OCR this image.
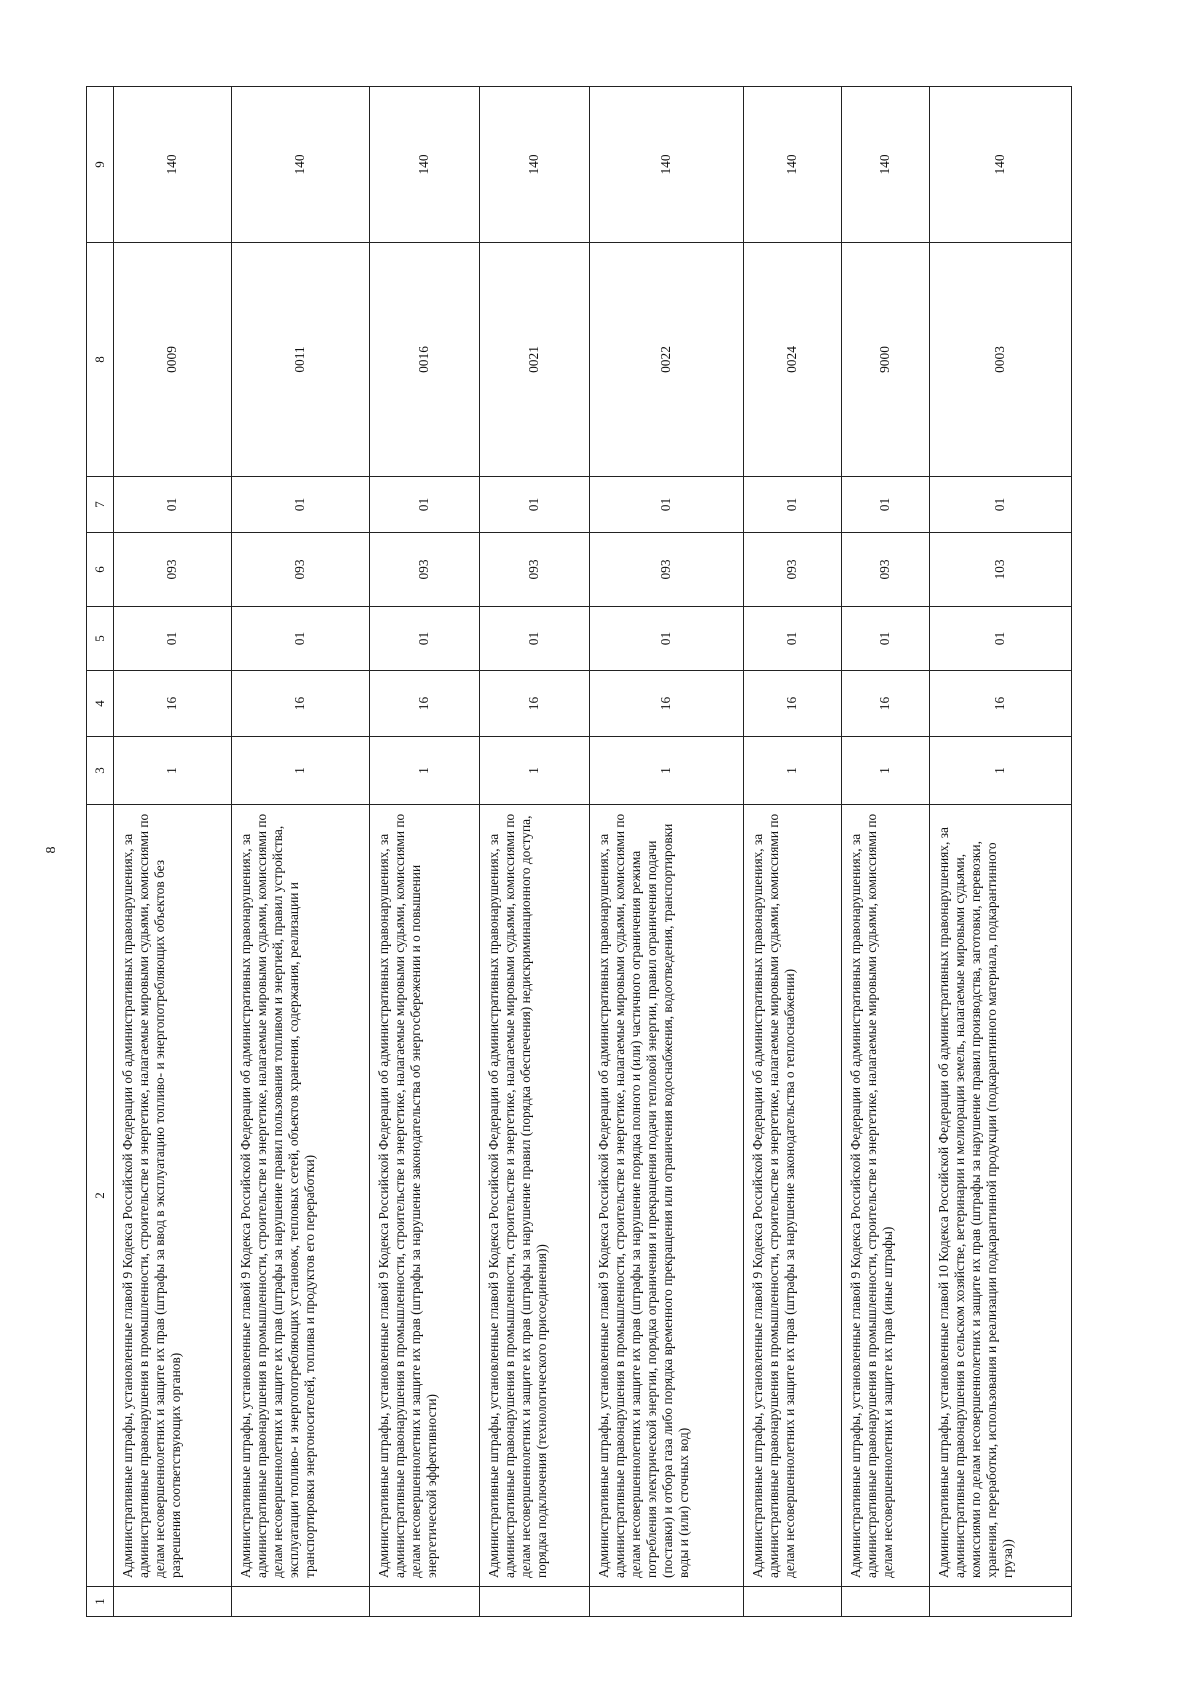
8
1	2	3	4	5	6	7	8	9
	Административные штрафы, установленные главой 9 Кодекса Российской Федерации об административных правонарушениях, за административные правонарушения в промышленности, строительстве и энергетике, налагаемые мировыми судьями, комиссиями по делам несовершеннолетних и защите их прав (штрафы за ввод в эксплуатацию топливо- и энергопотребляющих объектов без разрешения соответствующих органов)	1	16	01	093	01	0009	140
	Административные штрафы, установленные главой 9 Кодекса Российской Федерации об административных правонарушениях, за административные правонарушения в промышленности, строительстве и энергетике, налагаемые мировыми судьями, комиссиями по делам несовершеннолетних и защите их прав (штрафы за нарушение правил пользования топливом и энергией, правил устройства, эксплуатации топливо- и энергопотребляющих установок, тепловых сетей, объектов хранения, содержания, реализации и транспортировки энергоносителей, топлива и продуктов его переработки)	1	16	01	093	01	0011	140
	Административные штрафы, установленные главой 9 Кодекса Российской Федерации об административных правонарушениях, за административные правонарушения в промышленности, строительстве и энергетике, налагаемые мировыми судьями, комиссиями по делам несовершеннолетних и защите их прав (штрафы за нарушение законодательства об энергосбережении и о повышении энергетической эффективности)	1	16	01	093	01	0016	140
	Административные штрафы, установленные главой 9 Кодекса Российской Федерации об административных правонарушениях, за административные правонарушения в промышленности, строительстве и энергетике, налагаемые мировыми судьями, комиссиями по делам несовершеннолетних и защите их прав (штрафы за нарушение правил (порядка обеспечения) недискриминационного доступа, порядка подключения (технологического присоединения))	1	16	01	093	01	0021	140
	Административные штрафы, установленные главой 9 Кодекса Российской Федерации об административных правонарушениях, за административные правонарушения в промышленности, строительстве и энергетике, налагаемые мировыми судьями, комиссиями по делам несовершеннолетних и защите их прав (штрафы за нарушение порядка полного и (или) частичного ограничения режима потребления электрической энергии, порядка ограничения и прекращения подачи тепловой энергии, правил ограничения подачи (поставки) и отбора газа либо порядка временного прекращения или ограничения водоснабжения, водоотведения, транспортировки воды и (или) сточных вод)	1	16	01	093	01	0022	140
	Административные штрафы, установленные главой 9 Кодекса Российской Федерации об административных правонарушениях, за административные правонарушения в промышленности, строительстве и энергетике, налагаемые мировыми судьями, комиссиями по делам несовершеннолетних и защите их прав (штрафы за нарушение законодательства о теплоснабжении)	1	16	01	093	01	0024	140
	Административные штрафы, установленные главой 9 Кодекса Российской Федерации об административных правонарушениях, за административные правонарушения в промышленности, строительстве и энергетике, налагаемые мировыми судьями, комиссиями по делам несовершеннолетних и защите их прав (иные штрафы)	1	16	01	093	01	9000	140
	Административные штрафы, установленные главой 10 Кодекса Российской Федерации об административных правонарушениях, за административные правонарушения в сельском хозяйстве, ветеринарии и мелиорации земель, налагаемые мировыми судьями, комиссиями по делам несовершеннолетних и защите их прав (штрафы за нарушение правил производства, заготовки, перевозки, хранения, переработки, использования и реализации подкарантинной продукции (подкарантинного материала, подкарантинного груза))	1	16	01	103	01	0003	140
